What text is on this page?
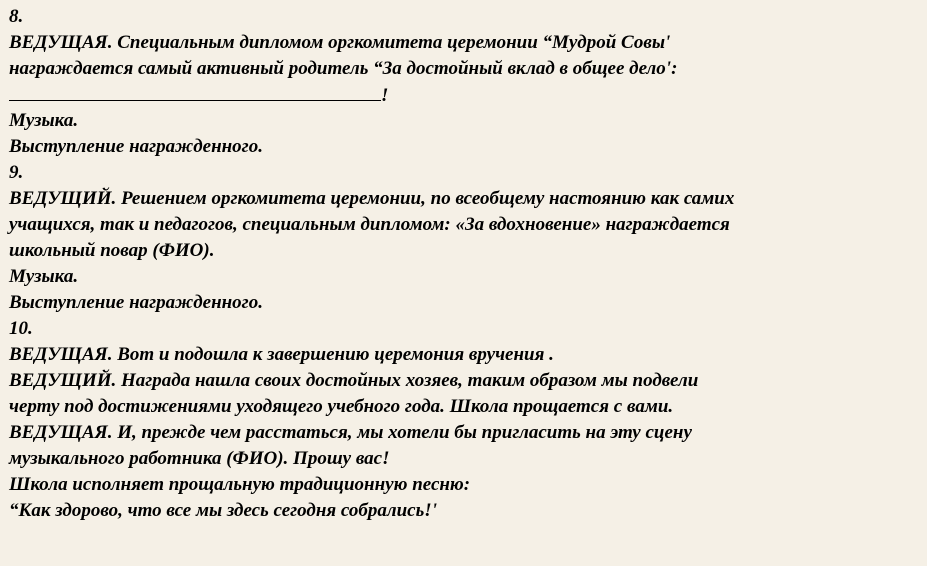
8.
ВЕДУЩАЯ. Специальным дипломом оргкомитета церемонии “Мудрой Совы'
награждается самый активный родитель “За достойный вклад в общее дело':
!
Музыка.
Выступление награжденного.
9.
ВЕДУЩИЙ. Решением оргкомитета церемонии, по всеобщему настоянию как самих
учащихся, так и педагогов, специальным дипломом: «За вдохновение» награждается
школьный повар (ФИО).
Музыка.
Выступление награжденного.
10.
ВЕДУЩАЯ. Вот и подошла к завершению церемония вручения .
ВЕДУЩИЙ. Награда нашла своих достойных хозяев, таким образом мы подвели
черту под достижениями уходящего учебного года. Школа прощается с вами.
ВЕДУЩАЯ. И, прежде чем расстаться, мы хотели бы пригласить на эту сцену
музыкального работника (ФИО). Прошу вас!
Школа исполняет прощальную традиционную песню:
“Как здорово, что все мы здесь сегодня собрались!'
